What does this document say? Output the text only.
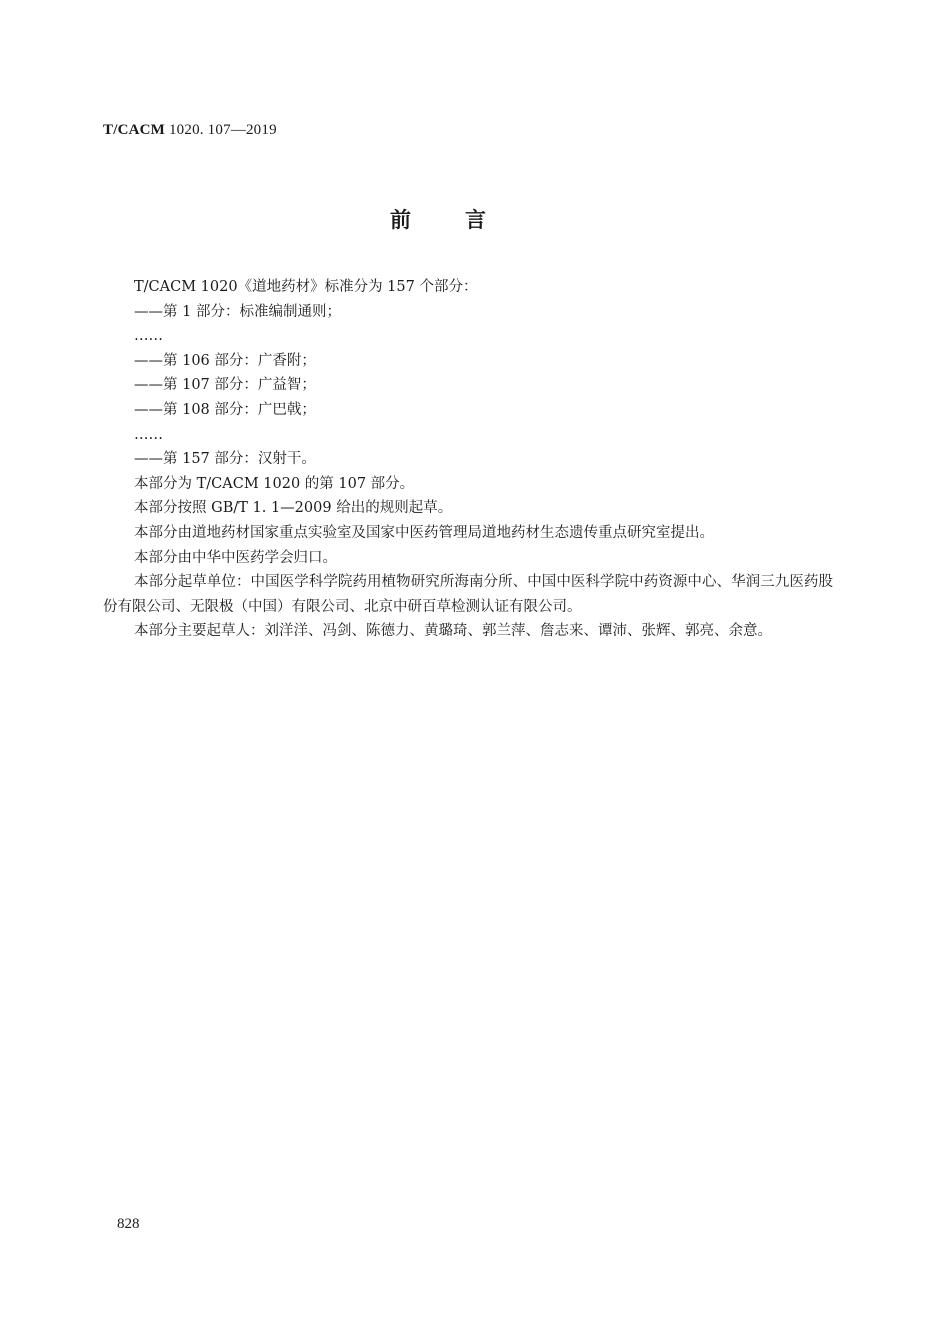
T/CACM 1020. 107—2019
前言

T/CACM 1020《道地药材》标准分为 157 个部分：

——第 1 部分：标准编制通则；

……

——第 106 部分：广香附；

——第 107 部分：广益智；

——第 108 部分：广巴戟；

……

——第 157 部分：汉射干。

本部分为 T/CACM 1020 的第 107 部分。

本部分按照 GB/T 1. 1—2009 给出的规则起草。

本部分由道地药材国家重点实验室及国家中医药管理局道地药材生态遗传重点研究室提出。

本部分由中华中医药学会归口。

本部分起草单位：中国医学科学院药用植物研究所海南分所、中国中医科学院中药资源中心、华润三九医药股份有限公司、无限极（中国）有限公司、北京中研百草检测认证有限公司。

本部分主要起草人：刘洋洋、冯剑、陈德力、黄璐琦、郭兰萍、詹志来、谭沛、张辉、郭亮、余意。

828
